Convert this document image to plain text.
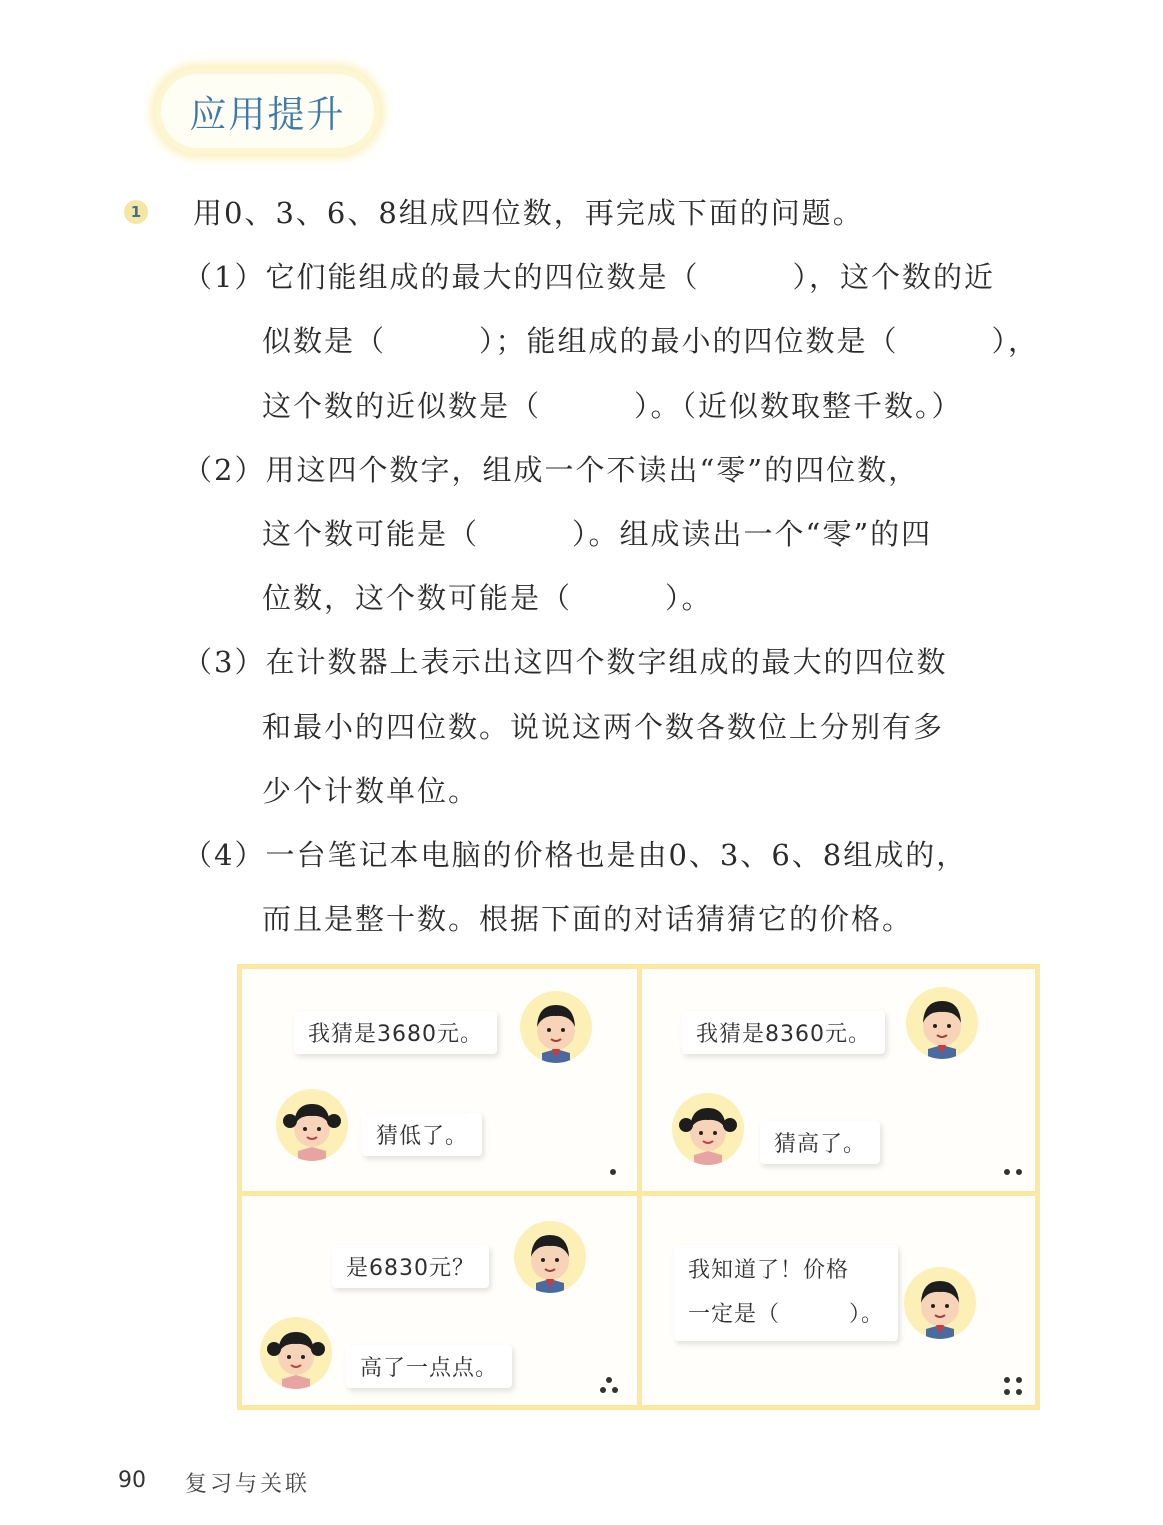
应用提升
1 用0、3、6、8组成四位数，再完成下面的问题。
（1）它们能组成的最大的四位数是（　　　），这个数的近
似数是（　　　）；能组成的最小的四位数是（　　　），
这个数的近似数是（　　　）。（近似数取整千数。）
（2）用这四个数字，组成一个不读出“零”的四位数，
这个数可能是（　　　）。组成读出一个“零”的四
位数，这个数可能是（　　　）。
（3）在计数器上表示出这四个数字组成的最大的四位数
和最小的四位数。说说这两个数各数位上分别有多
少个计数单位。
（4）一台笔记本电脑的价格也是由0、3、6、8组成的，
而且是整十数。根据下面的对话猜猜它的价格。
我猜是3680元。
猜低了。
我猜是8360元。
猜高了。
是6830元？
高了一点点。
我知道了！价格
一定是（　　　）。
90 复习与关联
